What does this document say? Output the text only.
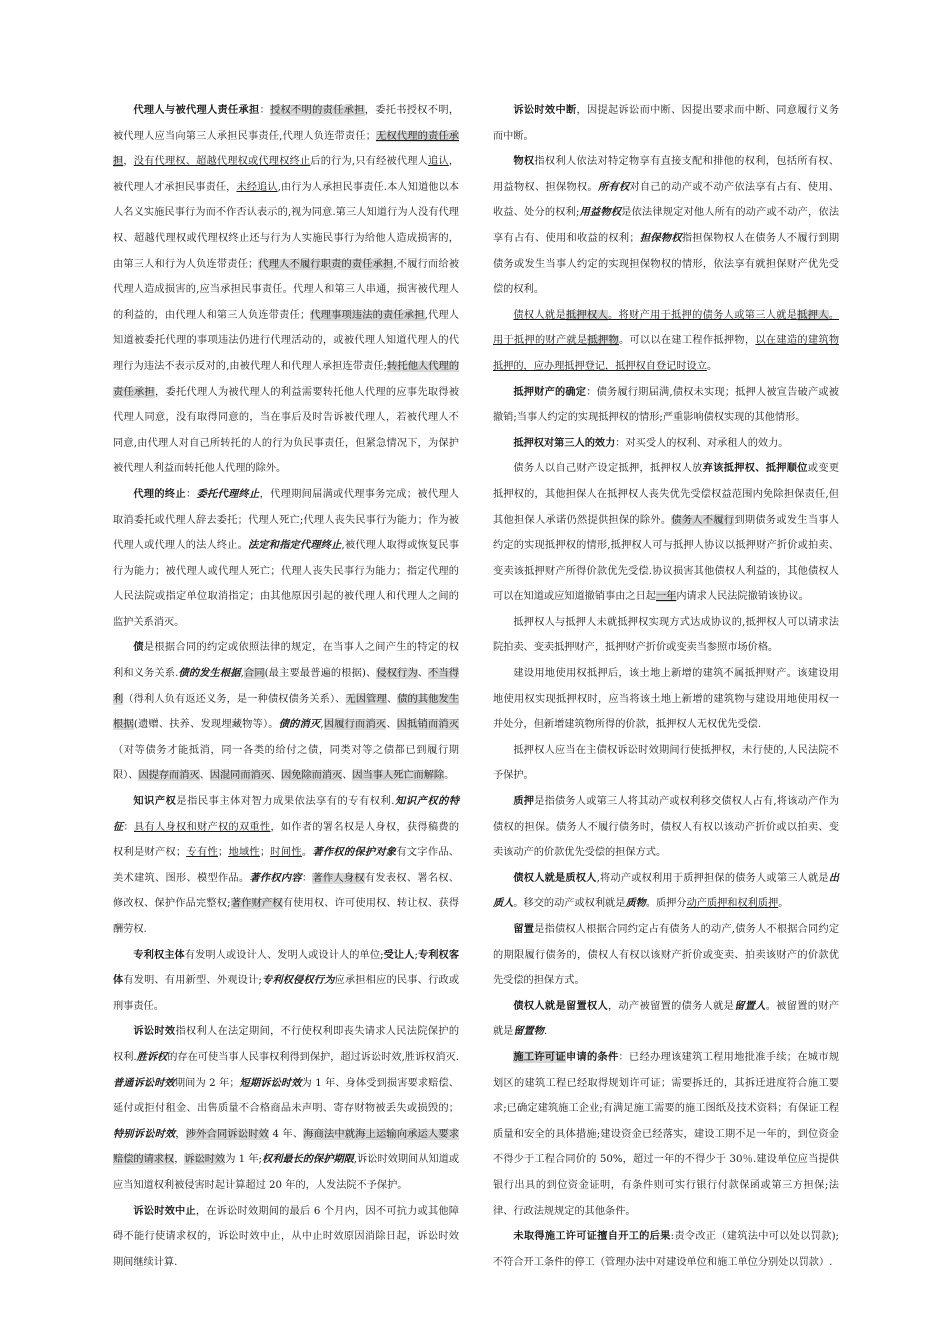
代理人与被代理人责任承担：授权不明的责任承担，委托书授权不明，被代理人应当向第三人承担民事责任,代理人负连带责任；无权代理的责任承担，没有代理权、超越代理权或代理权终止后的行为,只有经被代理人追认，被代理人才承担民事责任，未经追认,由行为人承担民事责任.本人知道他以本人名义实施民事行为而不作否认表示的,视为同意.第三人知道行为人没有代理权、超越代理权或代理权终止还与行为人实施民事行为给他人造成损害的，由第三人和行为人负连带责任；代理人不履行职责的责任承担,不履行而给被代理人造成损害的,应当承担民事责任。代理人和第三人串通，损害被代理人的利益的，由代理人和第三人负连带责任；代理事项违法的责任承担,代理人知道被委托代理的事项违法仍进行代理活动的，或被代理人知道代理人的代理行为违法不表示反对的,由被代理人和代理人承担连带责任;转托他人代理的责任承担，委托代理人为被代理人的利益需要转托他人代理的应事先取得被代理人同意，没有取得同意的，当在事后及时告诉被代理人，若被代理人不同意,由代理人对自己所转托的人的行为负民事责任，但紧急情况下，为保护被代理人利益而转托他人代理的除外。

代理的终止：委托代理终止，代理期间届满或代理事务完成；被代理人取消委托或代理人辞去委托；代理人死亡;代理人丧失民事行为能力；作为被代理人或代理人的法人终止。法定和指定代理终止,被代理人取得或恢复民事行为能力；被代理人或代理人死亡；代理人丧失民事行为能力；指定代理的人民法院或指定单位取消指定；由其他原因引起的被代理人和代理人之间的监护关系消灭。

债是根据合同的约定或依照法律的规定，在当事人之间产生的特定的权利和义务关系.债的发生根据,合同(最主要最普遍的根据)、侵权行为、不当得利（得利人负有返还义务，是一种债权债务关系）、无因管理、债的其他发生根据(遗赠、扶养、发现埋藏物等）。债的消灭,因履行而消灭、因抵销而消灭（对等债务才能抵消，同一各类的给付之债，同类对等之债都已到履行期限）、因提存而消灭、因混同而消灭、因免除而消灭、因当事人死亡而解除。

知识产权是指民事主体对智力成果依法享有的专有权利.知识产权的特征：具有人身权和财产权的双重性，如作者的署名权是人身权，获得稿费的权利是财产权；专有性；地域性；时间性。著作权的保护对象有文字作品、美术建筑、图形、模型作品。著作权内容：著作人身权有发表权、署名权、修改权、保护作品完整权;著作财产权有使用权、许可使用权、转让权、获得酬劳权.

专利权主体有发明人或设计人、发明人或设计人的单位;受让人;专利权客体有发明、有用新型、外观设计;专利权侵权行为应承担相应的民事、行政或刑事责任。

诉讼时效指权利人在法定期间，不行使权利即丧失请求人民法院保护的权利.胜诉权的存在可使当事人民事权利得到保护，超过诉讼时效,胜诉权消灭.普通诉讼时效期间为 2 年；短期诉讼时效为 1 年、身体受到损害要求赔偿、延付或拒付租金、出售质量不合格商品未声明、寄存财物被丢失或损毁的；特别诉讼时效，涉外合同诉讼时效 4 年、海商法中就海上运输向承运人要求赔偿的请求权，诉讼时效为 1 年;权利最长的保护期限,诉讼时效期间从知道或应当知道权利被侵害时起计算超过 20 年的，人发法院不予保护。

诉讼时效中止，在诉讼时效期间的最后 6 个月内，因不可抗力或其他障碍不能行使请求权的，诉讼时效中止，从中止时效原因消除日起，诉讼时效期间继续计算.

诉讼时效中断，因提起诉讼而中断、因提出要求而中断、同意履行义务而中断。

物权指权利人依法对特定物享有直接支配和排他的权利，包括所有权、用益物权、担保物权。所有权对自己的动产或不动产依法享有占有、使用、收益、处分的权利;用益物权是依法律规定对他人所有的动产或不动产，依法享有占有、使用和收益的权利；担保物权指担保物权人在债务人不履行到期债务或发生当事人约定的实现担保物权的情形，依法享有就担保财产优先受偿的权利。

债权人就是抵押权人。将财产用于抵押的债务人或第三人就是抵押人。用于抵押的财产就是抵押物。可以以在建工程作抵押物，以在建造的建筑物抵押的，应办理抵押登记，抵押权自登记时设立。

抵押财产的确定：债务履行期届满,债权未实现；抵押人被宣告破产或被撤销;当事人约定的实现抵押权的情形;严重影响债权实现的其他情形。

抵押权对第三人的效力：对买受人的权利、对承租人的效力。

债务人以自己财产设定抵押，抵押权人放弃该抵押权、抵押顺位或变更抵押权的，其他担保人在抵押权人丧失优先受偿权益范围内免除担保责任,但其他担保人承诺仍然提供担保的除外。债务人不履行到期债务或发生当事人约定的实现抵押权的情形,抵押权人可与抵押人协议以抵押财产折价或拍卖、变卖该抵押财产所得价款优先受偿.协议损害其他债权人利益的，其他债权人可以在知道或应知道撤销事由之日起一年内请求人民法院撤销该协议。

抵押权人与抵押人未就抵押权实现方式达成协议的,抵押权人可以请求法院拍卖、变卖抵押财产，抵押财产折价或变卖当参照市场价格。

建设用地使用权抵押后，该土地上新增的建筑不属抵押财产。该建设用地使用权实现抵押权时，应当将该土地上新增的建筑物与建设用地使用权一并处分，但新增建筑物所得的价款，抵押权人无权优先受偿.

抵押权人应当在主债权诉讼时效期间行使抵押权，未行使的,人民法院不予保护。

质押是指债务人或第三人将其动产或权利移交债权人占有,将该动产作为债权的担保。债务人不履行债务时，债权人有权以该动产折价或以拍卖、变卖该动产的价款优先受偿的担保方式。

债权人就是质权人,将动产或权利用于质押担保的债务人或第三人就是出质人。移交的动产或权利就是质物。质押分动产质押和权利质押。

留置是指债权人根据合同约定占有债务人的动产,债务人不根据合同约定的期限履行债务的，债权人有权以该财产折价或变卖、拍卖该财产的价款优先受偿的担保方式。

债权人就是留置权人，动产被留置的债务人就是留置人。被留置的财产就是留置物.

施工许可证申请的条件：已经办理该建筑工程用地批准手续；在城市规划区的建筑工程已经取得规划许可证；需要拆迁的，其拆迁进度符合施工要求;已确定建筑施工企业;有满足施工需要的施工图纸及技术资料；有保证工程质量和安全的具体措施;建设资金已经落实，建设工期不足一年的，到位资金不得少于工程合同价的 50%，超过一年的不得少于 30％.建设单位应当提供银行出具的到位资金证明，有条件则可实行银行付款保函或第三方担保;法律、行政法规规定的其他条件。

未取得施工许可证擅自开工的后果:责令改正（建筑法中可以处以罚款);不符合开工条件的停工（管理办法中对建设单位和施工单位分别处以罚款）.
